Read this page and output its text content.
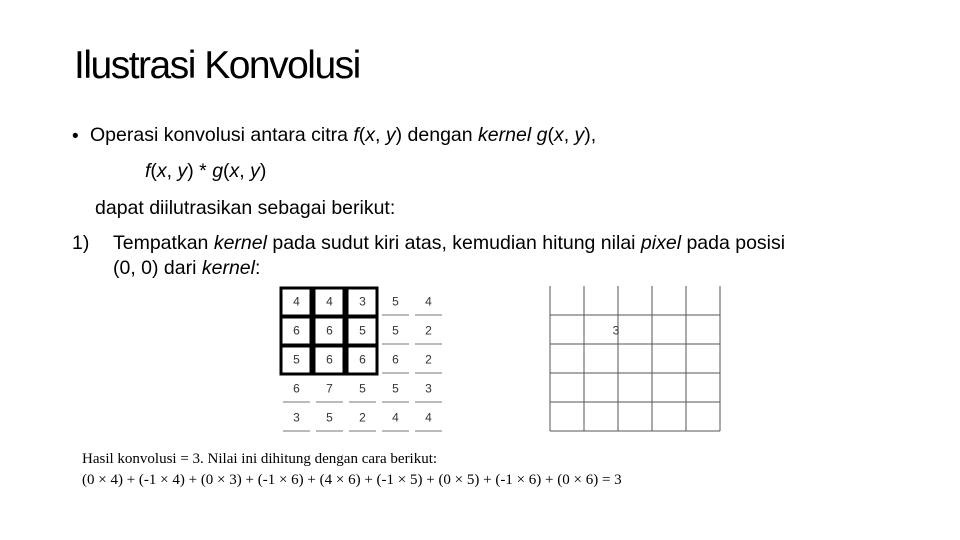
Ilustrasi Konvolusi
• Operasi konvolusi antara citra f(x, y) dengan kernel g(x, y),
f(x, y) * g(x, y)
dapat diilutrasikan sebagai berikut:
1) Tempatkan kernel pada sudut kiri atas, kemudian hitung nilai pixel pada posisi
(0, 0) dari kernel:
4 4 3 5 4
6 6 5 5 2
5 6 6 6 2
6 7 5 5 3
3 5 2 4 4
3
Hasil konvolusi = 3. Nilai ini dihitung dengan cara berikut:
(0 × 4) + (-1 × 4) + (0 × 3) + (-1 × 6) + (4 × 6) + (-1 × 5) + (0 × 5) + (-1 × 6) + (0 × 6) = 3
